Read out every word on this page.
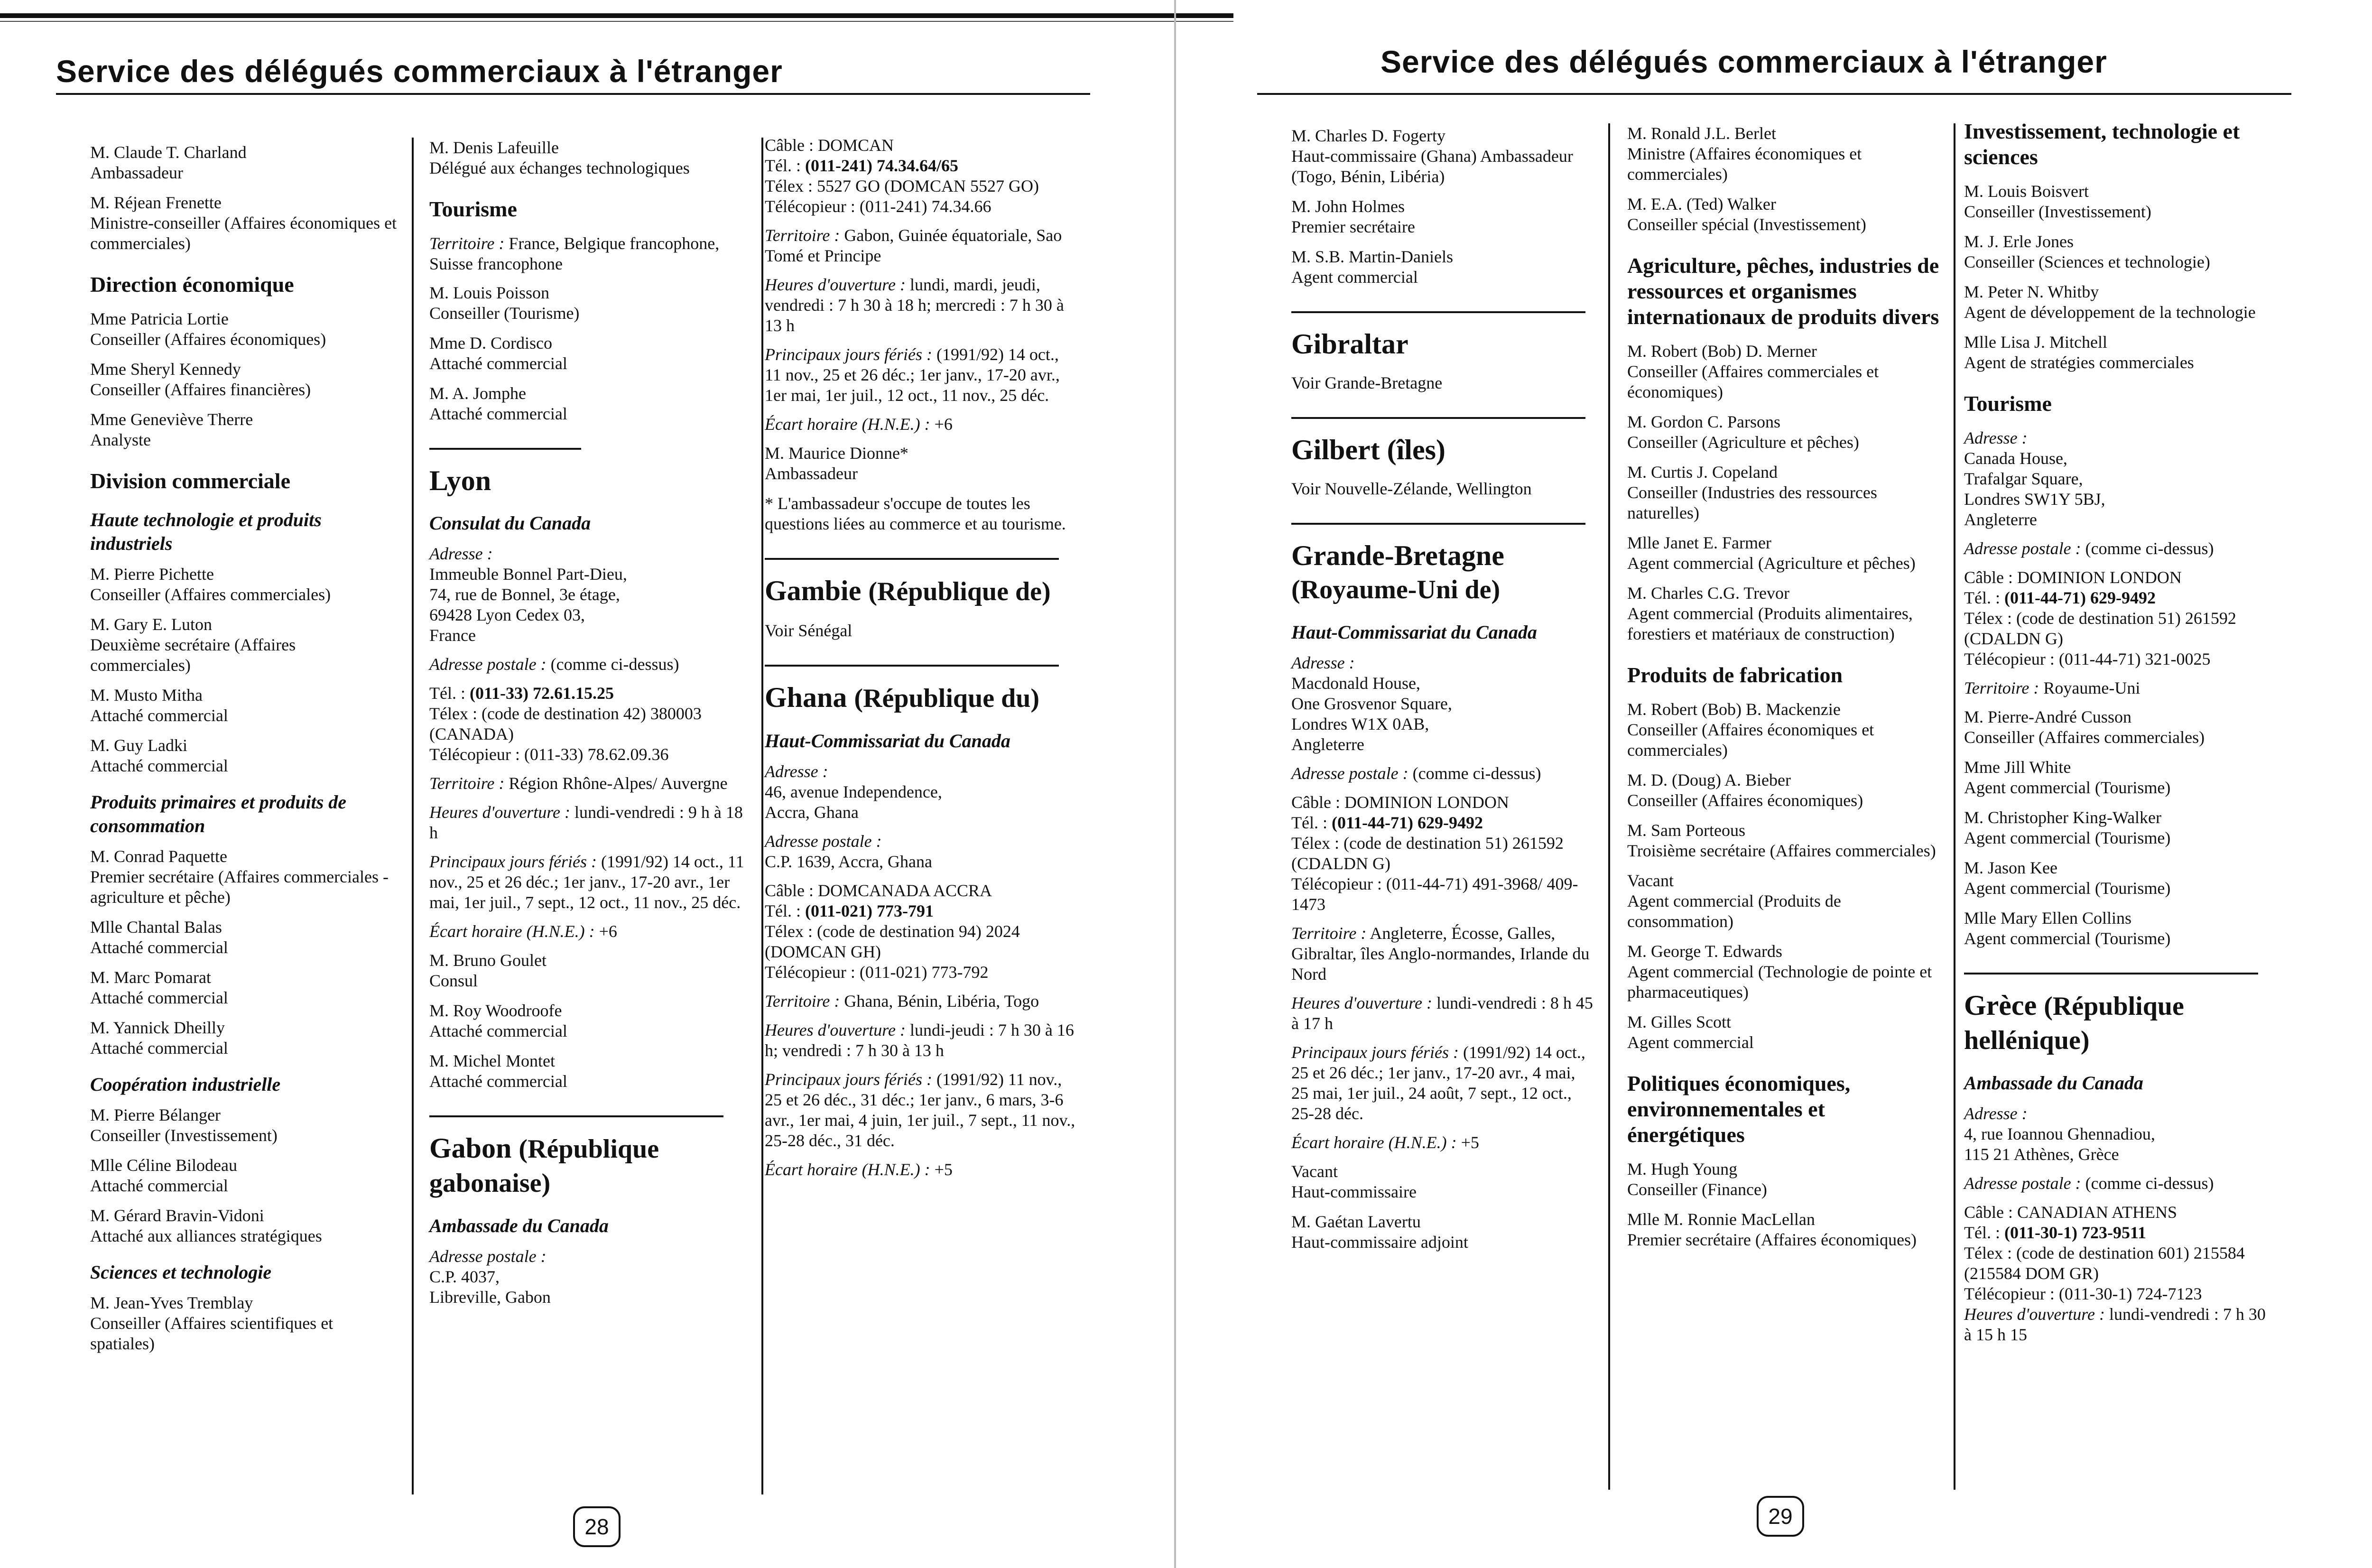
Service des délégués commerciaux à l'étranger
M. Claude T. Charland
Ambassadeur
M. Réjean Frenette
Ministre-conseiller (Affaires économiques et commerciales)
Direction économique
Mme Patricia Lortie
Conseiller (Affaires économiques)
Mme Sheryl Kennedy
Conseiller (Affaires financières)
Mme Geneviève Therre
Analyste
Division commerciale
Haute technologie et produits industriels
M. Pierre Pichette
Conseiller (Affaires commerciales)
M. Gary E. Luton
Deuxième secrétaire (Affaires commerciales)
M. Musto Mitha
Attaché commercial
M. Guy Ladki
Attaché commercial
Produits primaires et produits de consommation
M. Conrad Paquette
Premier secrétaire (Affaires commerciales - agriculture et pêche)
Mlle Chantal Balas
Attaché commercial
M. Marc Pomarat
Attaché commercial
M. Yannick Dheilly
Attaché commercial
Coopération industrielle
M. Pierre Bélanger
Conseiller (Investissement)
Mlle Céline Bilodeau
Attaché commercial
M. Gérard Bravin-Vidoni
Attaché aux alliances stratégiques
Sciences et technologie
M. Jean-Yves Tremblay
Conseiller (Affaires scientifiques et spatiales)
M. Denis Lafeuille
Délégué aux échanges technologiques
Tourisme
Territoire : France, Belgique francophone, Suisse francophone
M. Louis Poisson
Conseiller (Tourisme)
Mme D. Cordisco
Attaché commercial
M. A. Jomphe
Attaché commercial
Lyon
Consulat du Canada
Adresse :
Immeuble Bonnel Part-Dieu,
74, rue de Bonnel, 3e étage,
69428 Lyon Cedex 03,
France
Adresse postale : (comme ci-dessus)
Tél. : (011-33) 72.61.15.25
Télex : (code de destination 42) 380003 (CANADA)
Télécopieur : (011-33) 78.62.09.36
Territoire : Région Rhône-Alpes/ Auvergne
Heures d'ouverture : lundi-vendredi : 9 h à 18 h
Principaux jours fériés : (1991/92) 14 oct., 11 nov., 25 et 26 déc.; 1er janv., 17-20 avr., 1er mai, 1er juil., 7 sept., 12 oct., 11 nov., 25 déc.
Écart horaire (H.N.E.) : +6
M. Bruno Goulet
Consul
M. Roy Woodroofe
Attaché commercial
M. Michel Montet
Attaché commercial
Gabon (République gabonaise)
Ambassade du Canada
Adresse postale :
C.P. 4037,
Libreville, Gabon
Câble : DOMCAN
Tél. : (011-241) 74.34.64/65
Télex : 5527 GO (DOMCAN 5527 GO)
Télécopieur : (011-241) 74.34.66
Territoire : Gabon, Guinée équatoriale, Sao Tomé et Principe
Heures d'ouverture : lundi, mardi, jeudi, vendredi : 7 h 30 à 18 h; mercredi : 7 h 30 à 13 h
Principaux jours fériés : (1991/92) 14 oct., 11 nov., 25 et 26 déc.; 1er janv., 17-20 avr., 1er mai, 1er juil., 12 oct., 11 nov., 25 déc.
Écart horaire (H.N.E.) : +6
M. Maurice Dionne*
Ambassadeur
* L'ambassadeur s'occupe de toutes les questions liées au commerce et au tourisme.
Gambie (République de)
Voir Sénégal
Ghana (République du)
Haut-Commissariat du Canada
Adresse :
46, avenue Independence,
Accra, Ghana
Adresse postale :
C.P. 1639, Accra, Ghana
Câble : DOMCANADA ACCRA
Tél. : (011-021) 773-791
Télex : (code de destination 94) 2024 (DOMCAN GH)
Télécopieur : (011-021) 773-792
Territoire : Ghana, Bénin, Libéria, Togo
Heures d'ouverture : lundi-jeudi : 7 h 30 à 16 h; vendredi : 7 h 30 à 13 h
Principaux jours fériés : (1991/92) 11 nov., 25 et 26 déc., 31 déc.; 1er janv., 6 mars, 3-6 avr., 1er mai, 4 juin, 1er juil., 7 sept., 11 nov., 25-28 déc., 31 déc.
Écart horaire (H.N.E.) : +5
28
Service des délégués commerciaux à l'étranger
M. Charles D. Fogerty
Haut-commissaire (Ghana) Ambassadeur (Togo, Bénin, Libéria)
M. John Holmes
Premier secrétaire
M. S.B. Martin-Daniels
Agent commercial
Gibraltar
Voir Grande-Bretagne
Gilbert (îles)
Voir Nouvelle-Zélande, Wellington
Grande-Bretagne (Royaume-Uni de)
Haut-Commissariat du Canada
Adresse :
Macdonald House,
One Grosvenor Square,
Londres W1X 0AB,
Angleterre
Adresse postale : (comme ci-dessus)
Câble : DOMINION LONDON
Tél. : (011-44-71) 629-9492
Télex : (code de destination 51) 261592 (CDALDN G)
Télécopieur : (011-44-71) 491-3968/ 409-1473
Territoire : Angleterre, Écosse, Galles, Gibraltar, îles Anglo-normandes, Irlande du Nord
Heures d'ouverture : lundi-vendredi : 8 h 45 à 17 h
Principaux jours fériés : (1991/92) 14 oct., 25 et 26 déc.; 1er janv., 17-20 avr., 4 mai, 25 mai, 1er juil., 24 août, 7 sept., 12 oct., 25-28 déc.
Écart horaire (H.N.E.) : +5
Vacant
Haut-commissaire
M. Gaétan Lavertu
Haut-commissaire adjoint
M. Ronald J.L. Berlet
Ministre (Affaires économiques et commerciales)
M. E.A. (Ted) Walker
Conseiller spécial (Investissement)
Agriculture, pêches, industries de ressources et organismes internationaux de produits divers
M. Robert (Bob) D. Merner
Conseiller (Affaires commerciales et économiques)
M. Gordon C. Parsons
Conseiller (Agriculture et pêches)
M. Curtis J. Copeland
Conseiller (Industries des ressources naturelles)
Mlle Janet E. Farmer
Agent commercial (Agriculture et pêches)
M. Charles C.G. Trevor
Agent commercial (Produits alimentaires, forestiers et matériaux de construction)
Produits de fabrication
M. Robert (Bob) B. Mackenzie
Conseiller (Affaires économiques et commerciales)
M. D. (Doug) A. Bieber
Conseiller (Affaires économiques)
M. Sam Porteous
Troisième secrétaire (Affaires commerciales)
Vacant
Agent commercial (Produits de consommation)
M. George T. Edwards
Agent commercial (Technologie de pointe et pharmaceutiques)
M. Gilles Scott
Agent commercial
Politiques économiques, environnementales et énergétiques
M. Hugh Young
Conseiller (Finance)
Mlle M. Ronnie MacLellan
Premier secrétaire (Affaires économiques)
Investissement, technologie et sciences
M. Louis Boisvert
Conseiller (Investissement)
M. J. Erle Jones
Conseiller (Sciences et technologie)
M. Peter N. Whitby
Agent de développement de la technologie
Mlle Lisa J. Mitchell
Agent de stratégies commerciales
Tourisme
Adresse :
Canada House,
Trafalgar Square,
Londres SW1Y 5BJ,
Angleterre
Adresse postale : (comme ci-dessus)
Câble : DOMINION LONDON
Tél. : (011-44-71) 629-9492
Télex : (code de destination 51) 261592 (CDALDN G)
Télécopieur : (011-44-71) 321-0025
Territoire : Royaume-Uni
M. Pierre-André Cusson
Conseiller (Affaires commerciales)
Mme Jill White
Agent commercial (Tourisme)
M. Christopher King-Walker
Agent commercial (Tourisme)
M. Jason Kee
Agent commercial (Tourisme)
Mlle Mary Ellen Collins
Agent commercial (Tourisme)
Grèce (République hellénique)
Ambassade du Canada
Adresse :
4, rue Ioannou Ghennadiou,
115 21 Athènes, Grèce
Adresse postale : (comme ci-dessus)
Câble : CANADIAN ATHENS
Tél. : (011-30-1) 723-9511
Télex : (code de destination 601) 215584 (215584 DOM GR)
Télécopieur : (011-30-1) 724-7123
Heures d'ouverture : lundi-vendredi : 7 h 30 à 15 h 15
29
